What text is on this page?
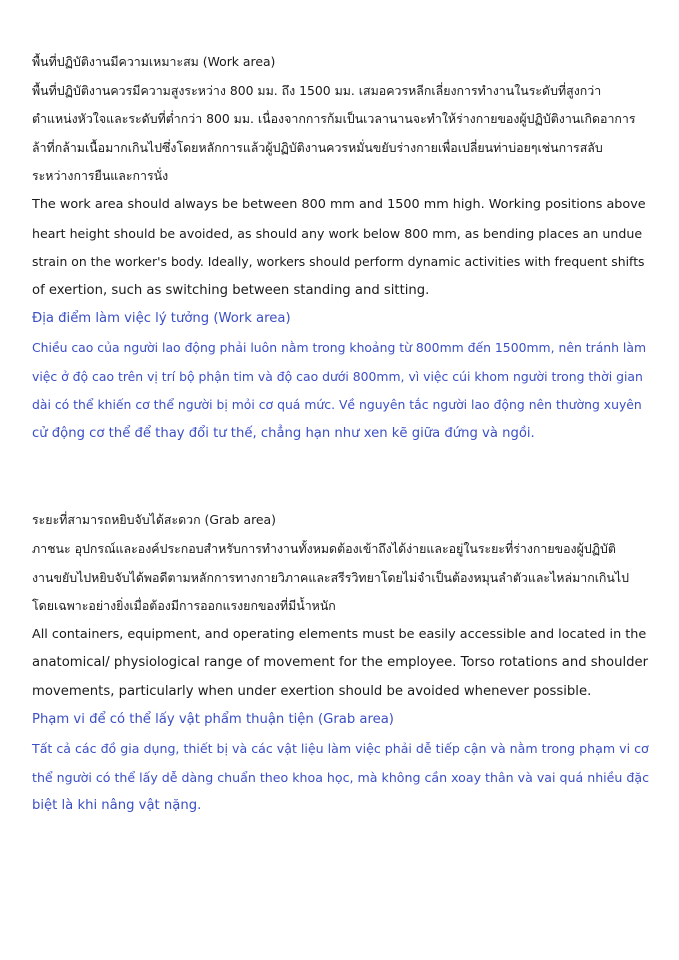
พื้นที่ปฏิบัติงานมีความเหมาะสม (Work area)

พื้นที่ปฏิบัติงานควรมีความสูงระหว่าง 800 มม. ถึง 1500 มม. เสมอควรหลีกเลี่ยงการทำงานในระดับที่สูงกว่า

ตำแหน่งหัวใจและระดับที่ต่ำกว่า 800 มม. เนื่องจากการก้มเป็นเวลานานจะทำให้ร่างกายของผู้ปฏิบัติงานเกิดอาการ

ล้าที่กล้ามเนื้อมากเกินไปซึ่งโดยหลักการแล้วผู้ปฏิบัติงานควรหมั่นขยับร่างกายเพื่อเปลี่ยนท่าบ่อยๆเช่นการสลับ

ระหว่างการยืนและการนั่ง

The work area should always be between 800 mm and 1500 mm high. Working positions above

heart height should be avoided, as should any work below 800 mm, as bending places an undue

strain on the worker's body. Ideally, workers should perform dynamic activities with frequent shifts

of exertion, such as switching between standing and sitting.

Địa điểm làm việc lý tưởng (Work area)

Chiều cao của người lao động phải luôn nằm trong khoảng từ 800mm đến 1500mm, nên tránh làm

việc ở độ cao trên vị trí bộ phận tim và độ cao dưới 800mm, vì việc cúi khom người trong thời gian

dài có thể khiến cơ thể người bị mỏi cơ quá mức. Về nguyên tắc người lao động nên thường xuyên

cử động cơ thể để thay đổi tư thế, chẳng hạn như xen kẽ giữa đứng và ngồi.

ระยะที่สามารถหยิบจับได้สะดวก (Grab area)

ภาชนะ อุปกรณ์และองค์ประกอบสำหรับการทำงานทั้งหมดต้องเข้าถึงได้ง่ายและอยู่ในระยะที่ร่างกายของผู้ปฏิบัติ

งานขยับไปหยิบจับได้พอดีตามหลักการทางกายวิภาคและสรีรวิทยาโดยไม่จำเป็นต้องหมุนลำตัวและไหล่มากเกินไป

โดยเฉพาะอย่างยิ่งเมื่อต้องมีการออกแรงยกของที่มีน้ำหนัก

All containers, equipment, and operating elements must be easily accessible and located in the

anatomical/ physiological range of movement for the employee. Torso rotations and shoulder

movements, particularly when under exertion should be avoided whenever possible.

Phạm vi để có thể lấy vật phẩm thuận tiện (Grab area)

Tất cả các đồ gia dụng, thiết bị và các vật liệu làm việc phải dễ tiếp cận và nằm trong phạm vi cơ

thể người có thể lấy dễ dàng chuẩn theo khoa học, mà không cần xoay thân và vai quá nhiều đặc

biệt là khi nâng vật nặng.
